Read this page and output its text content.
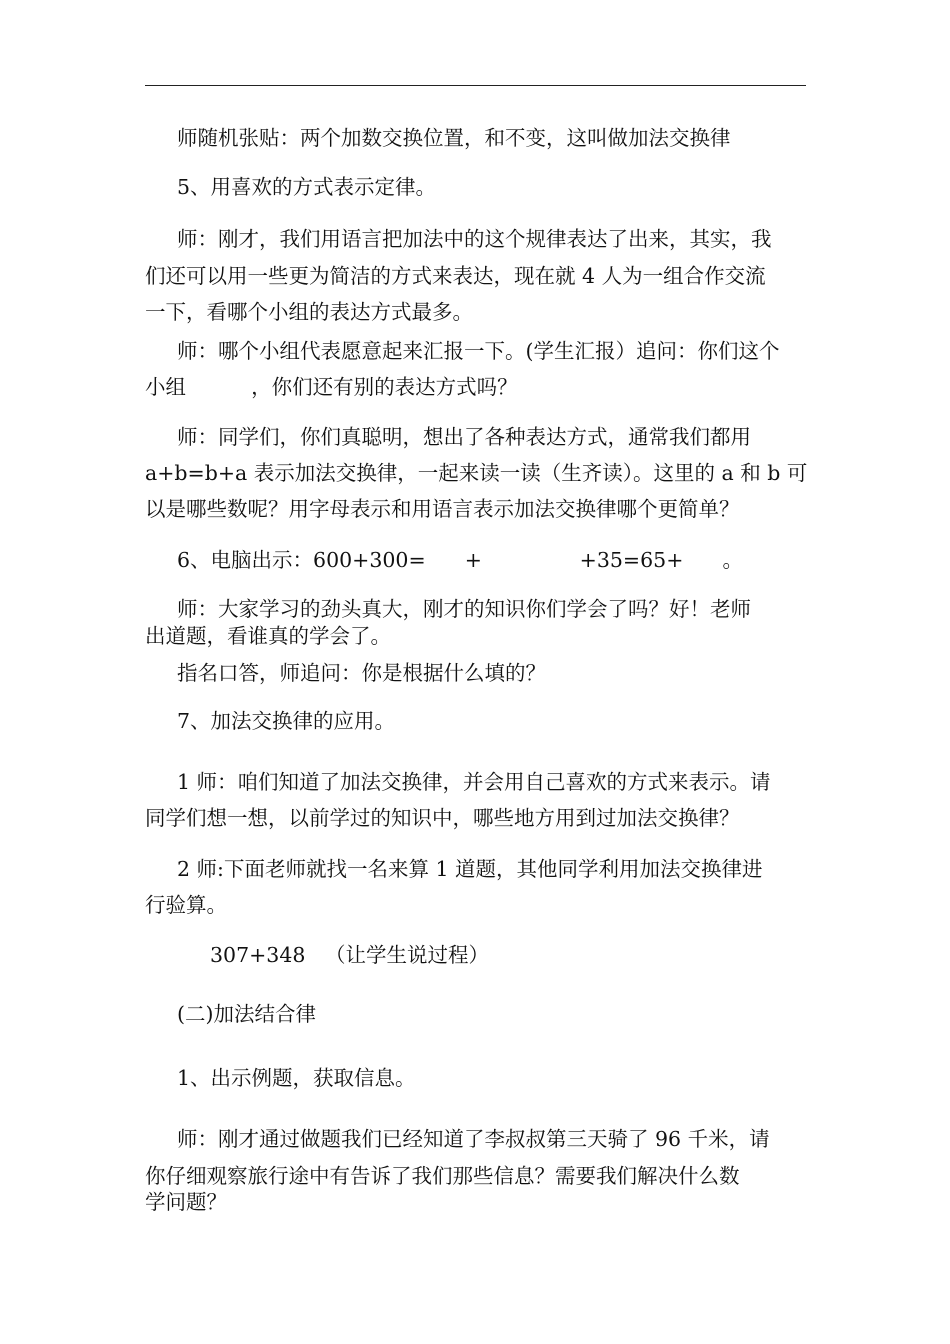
师随机张贴：两个加数交换位置，和不变，这叫做加法交换律
5、用喜欢的方式表示定律。
师：刚才，我们用语言把加法中的这个规律表达了出来，其实，我
们还可以用一些更为简洁的方式来表达，现在就 4 人为一组合作交流
一下，看哪个小组的表达方式最多。
师：哪个小组代表愿意起来汇报一下。(学生汇报）追问：你们这个
小组          ，你们还有别的表达方式吗？
师：同学们，你们真聪明，想出了各种表达方式，通常我们都用
a+b=b+a 表示加法交换律，一起来读一读（生齐读）。这里的 a 和 b 可
以是哪些数呢？用字母表示和用语言表示加法交换律哪个更简单？
6、电脑出示：600+300=      +               +35=65+      。
师：大家学习的劲头真大，刚才的知识你们学会了吗？好！老师
出道题，看谁真的学会了。
指名口答，师追问：你是根据什么填的？
7、加法交换律的应用。
1 师：咱们知道了加法交换律，并会用自己喜欢的方式来表示。请
同学们想一想，以前学过的知识中，哪些地方用到过加法交换律？
2 师:下面老师就找一名来算 1 道题，其他同学利用加法交换律进
行验算。
307+348   （让学生说过程）
(二)加法结合律
1、出示例题，获取信息。
师：刚才通过做题我们已经知道了李叔叔第三天骑了 96 千米，请
你仔细观察旅行途中有告诉了我们那些信息？需要我们解决什么数
学问题？
